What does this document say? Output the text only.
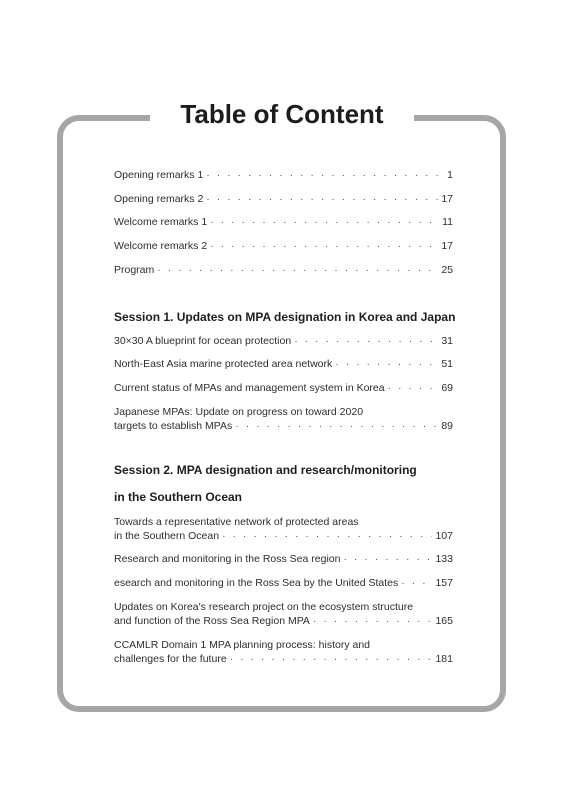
Table of Content
Opening remarks 1 · · ·	1
Opening remarks 2 · · ·	17
Welcome remarks 1 · · ·	11
Welcome remarks 2 · · ·	17
Program · · ·	25
Session 1. Updates on MPA designation in Korea and Japan
30×30 A blueprint for ocean protection · · ·	31
North-East Asia marine protected area network · · ·	51
Current status of MPAs and management system in Korea · · ·	69
Japanese MPAs: Update on progress on toward 2020
targets to establish MPAs · · ·	89
Session 2. MPA designation and research/monitoring
in the Southern Ocean
Towards a representative network of protected areas
in the Southern Ocean · · ·	107
Research and monitoring in the Ross Sea region · · ·	133
esearch and monitoring in the Ross Sea by the United States · · ·	157
Updates on Korea's research project on the ecosystem structure
and function of the Ross Sea Region MPA · · ·	165
CCAMLR Domain 1 MPA planning process: history and
challenges for the future · · ·	181
